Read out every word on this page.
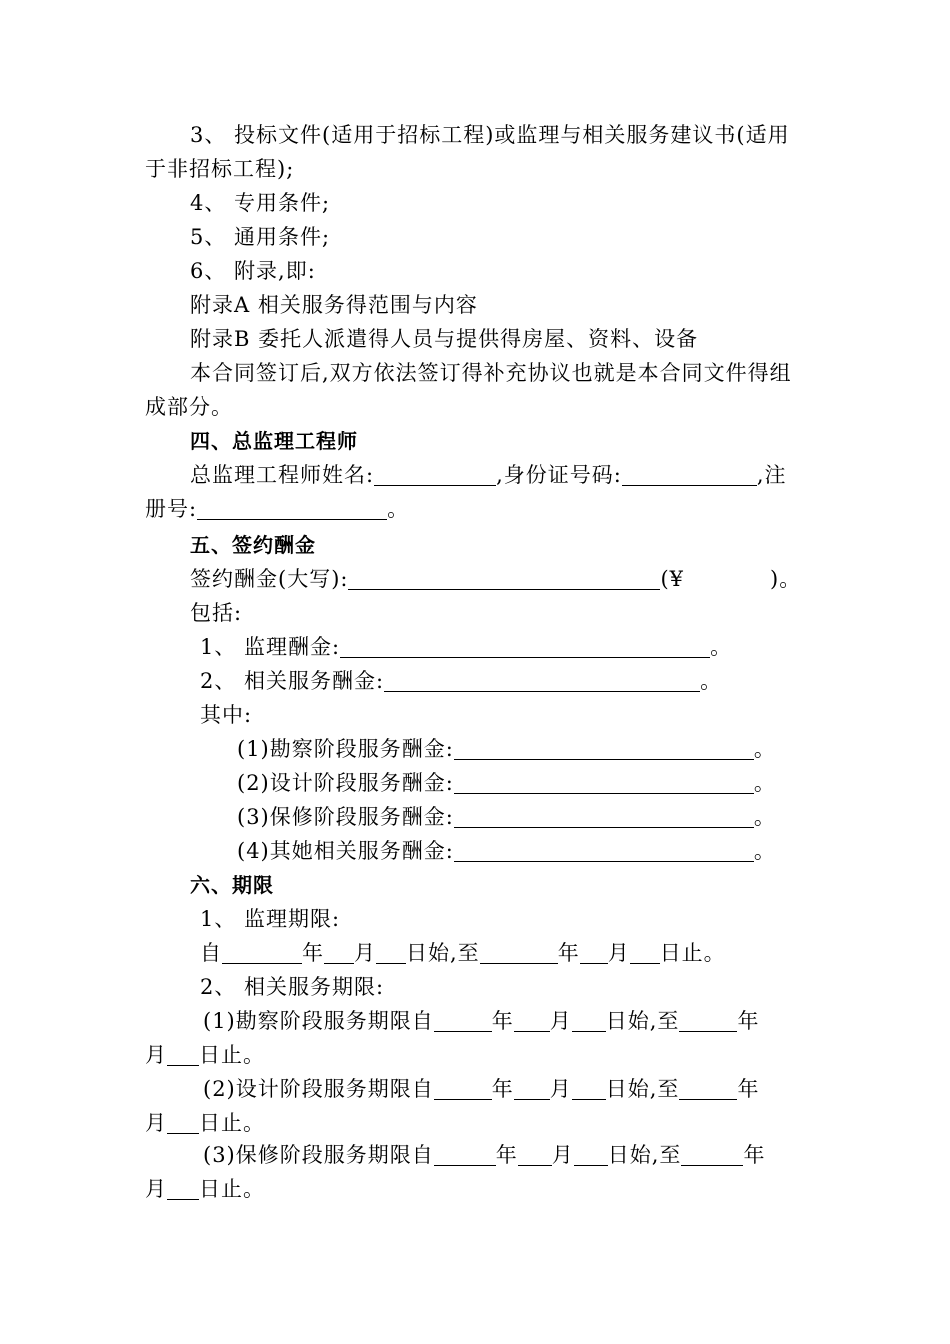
3、 投标文件(适用于招标工程)或监理与相关服务建议书(适用
于非招标工程);
4、 专用条件;
5、 通用条件;
6、 附录,即:
附录A 相关服务得范围与内容
附录B 委托人派遣得人员与提供得房屋、资料、设备
本合同签订后,双方依法签订得补充协议也就是本合同文件得组
成部分。
四、总监理工程师
总监理工程师姓名:	,身份证号码:	,注
册号:	。
五、签约酬金
签约酬金(大写):	(¥	)。
包括:
1、 监理酬金:	。
2、 相关服务酬金:	。
其中:
(1)勘察阶段服务酬金:	。
(2)设计阶段服务酬金:	。
(3)保修阶段服务酬金:	。
(4)其她相关服务酬金:	。
六、期限
1、 监理期限:
自	年 月 日始,至	年 月 日止。
2、 相关服务期限:
(1)勘察阶段服务期限自	年 月 日始,至	年
月 日止。
(2)设计阶段服务期限自	年 月 日始,至	年
月 日止。
(3)保修阶段服务期限自	年 月 日始,至	年
月 日止。
